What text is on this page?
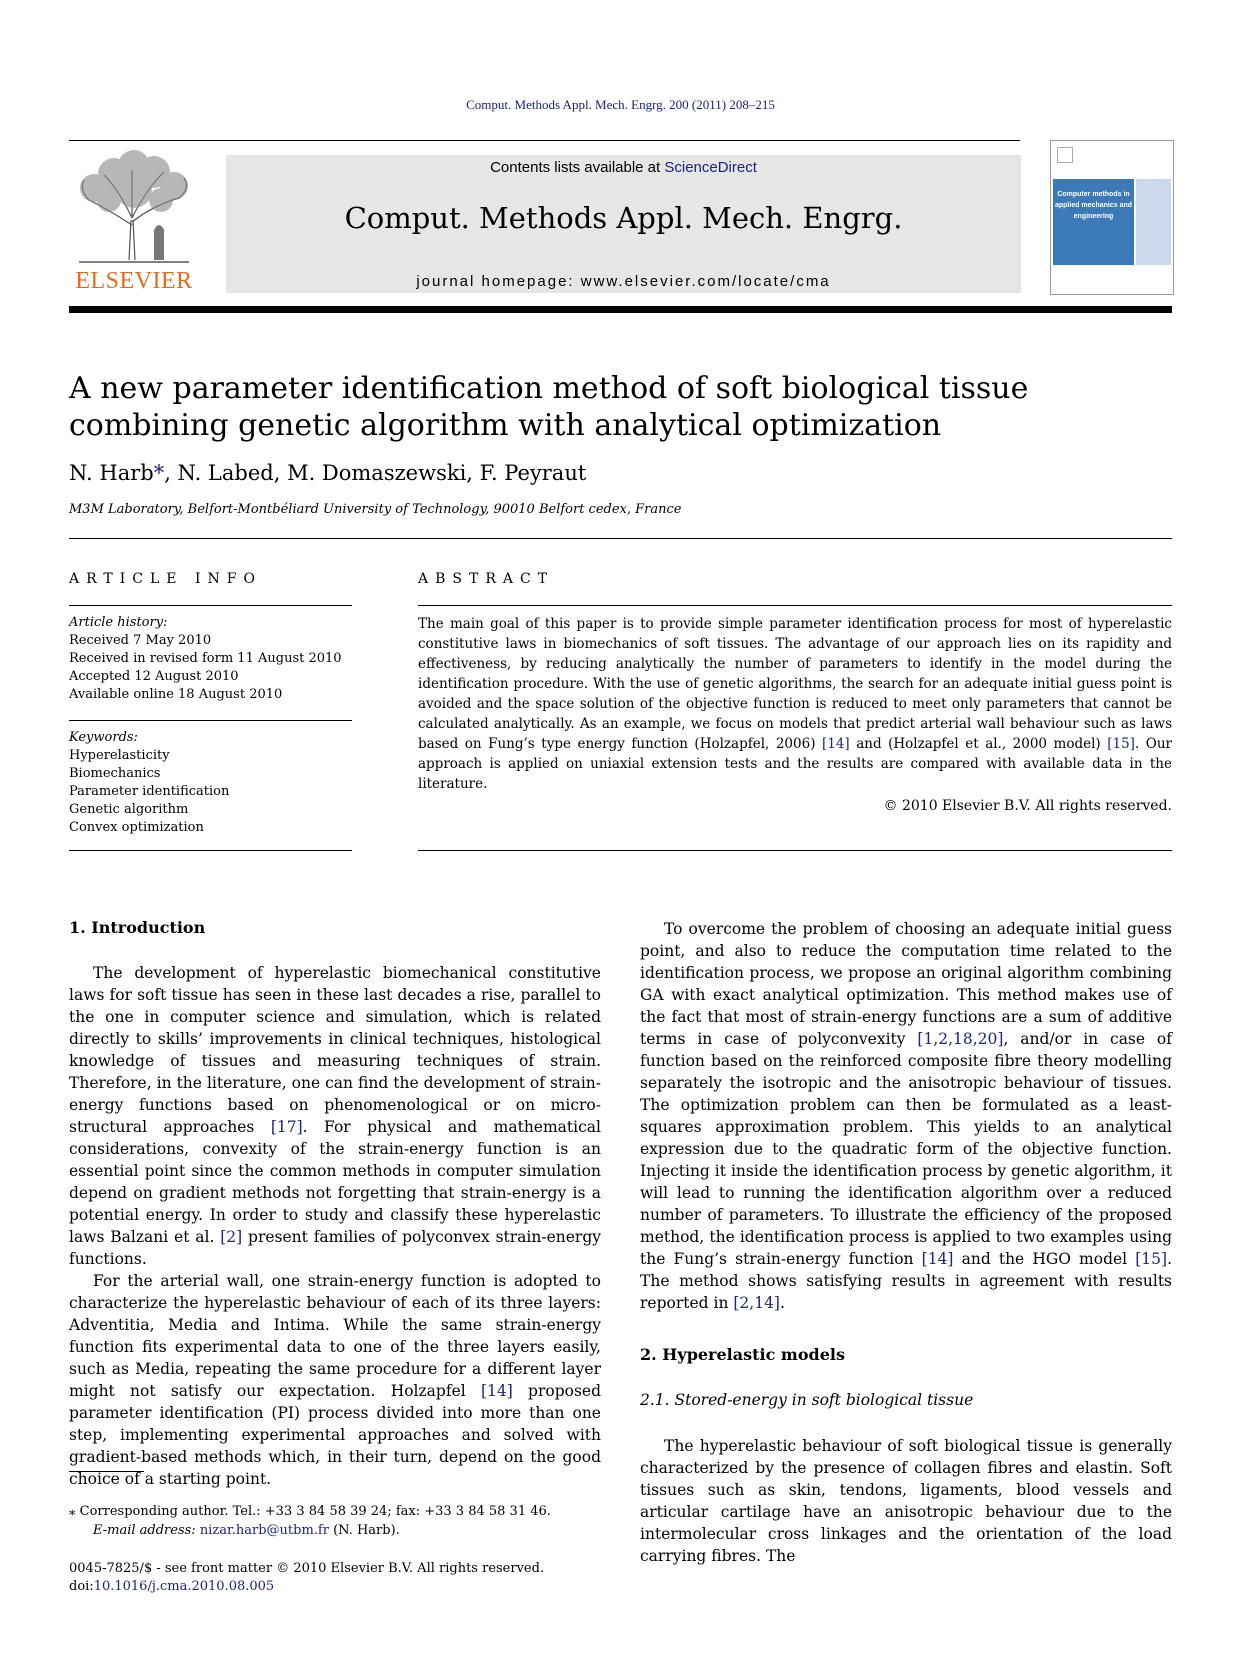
Comput. Methods Appl. Mech. Engrg. 200 (2011) 208–215
ELSEVIER
Contents lists available at ScienceDirect
Comput. Methods Appl. Mech. Engrg.
journal homepage: www.elsevier.com/locate/cma
Computer methods in applied mechanics and engineering
A new parameter identification method of soft biological tissue combining genetic algorithm with analytical optimization
N. Harb*, N. Labed, M. Domaszewski, F. Peyraut
M3M Laboratory, Belfort-Montbéliard University of Technology, 90010 Belfort cedex, France
ARTICLE INFO
Article history:
Received 7 May 2010
Received in revised form 11 August 2010
Accepted 12 August 2010
Available online 18 August 2010
Keywords:
Hyperelasticity
Biomechanics
Parameter identification
Genetic algorithm
Convex optimization
ABSTRACT
The main goal of this paper is to provide simple parameter identification process for most of hyperelastic constitutive laws in biomechanics of soft tissues. The advantage of our approach lies on its rapidity and effectiveness, by reducing analytically the number of parameters to identify in the model during the identification procedure. With the use of genetic algorithms, the search for an adequate initial guess point is avoided and the space solution of the objective function is reduced to meet only parameters that cannot be calculated analytically. As an example, we focus on models that predict arterial wall behaviour such as laws based on Fung’s type energy function (Holzapfel, 2006) [14] and (Holzapfel et al., 2000 model) [15]. Our approach is applied on uniaxial extension tests and the results are compared with available data in the literature.
© 2010 Elsevier B.V. All rights reserved.
1. Introduction

The development of hyperelastic biomechanical constitutive laws for soft tissue has seen in these last decades a rise, parallel to the one in computer science and simulation, which is related directly to skills’ improvements in clinical techniques, histological knowledge of tissues and measuring techniques of strain. Therefore, in the literature, one can find the development of strain-energy functions based on phenomenological or on micro-structural approaches [17]. For physical and mathematical considerations, convexity of the strain-energy function is an essential point since the common methods in computer simulation depend on gradient methods not forgetting that strain-energy is a potential energy. In order to study and classify these hyperelastic laws Balzani et al. [2] present families of polyconvex strain-energy functions.

For the arterial wall, one strain-energy function is adopted to characterize the hyperelastic behaviour of each of its three layers: Adventitia, Media and Intima. While the same strain-energy function fits experimental data to one of the three layers easily, such as Media, repeating the same procedure for a different layer might not satisfy our expectation. Holzapfel [14] proposed parameter identification (PI) process divided into more than one step, implementing experimental approaches and solved with gradient-based methods which, in their turn, depend on the good choice of a starting point.

To overcome the problem of choosing an adequate initial guess point, and also to reduce the computation time related to the identification process, we propose an original algorithm combining GA with exact analytical optimization. This method makes use of the fact that most of strain-energy functions are a sum of additive terms in case of polyconvexity [1,2,18,20], and/or in case of function based on the reinforced composite fibre theory modelling separately the isotropic and the anisotropic behaviour of tissues. The optimization problem can then be formulated as a least-squares approximation problem. This yields to an analytical expression due to the quadratic form of the objective function. Injecting it inside the identification process by genetic algorithm, it will lead to running the identification algorithm over a reduced number of parameters. To illustrate the efficiency of the proposed method, the identification process is applied to two examples using the Fung’s strain-energy function [14] and the HGO model [15]. The method shows satisfying results in agreement with results reported in [2,14].

2. Hyperelastic models
2.1. Stored-energy in soft biological tissue

The hyperelastic behaviour of soft biological tissue is generally characterized by the presence of collagen fibres and elastin. Soft tissues such as skin, tendons, ligaments, blood vessels and articular cartilage have an anisotropic behaviour due to the intermolecular cross linkages and the orientation of the load carrying fibres. The

⁎ Corresponding author. Tel.: +33 3 84 58 39 24; fax: +33 3 84 58 31 46.
E-mail address: nizar.harb@utbm.fr (N. Harb).
0045-7825/$ - see front matter © 2010 Elsevier B.V. All rights reserved.
doi:10.1016/j.cma.2010.08.005
